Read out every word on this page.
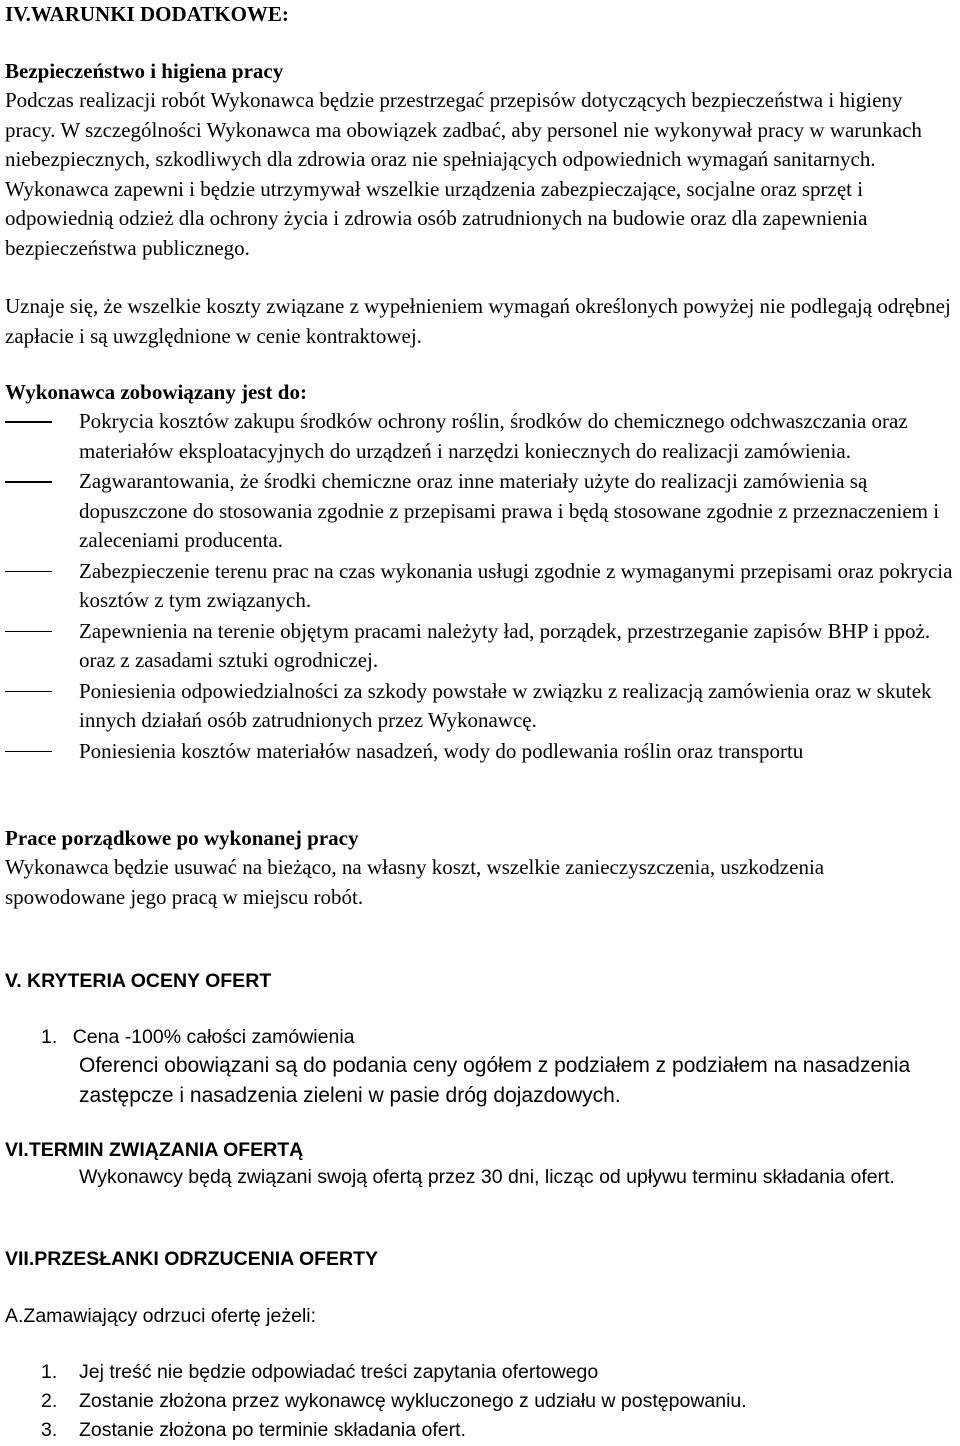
IV.WARUNKI DODATKOWE:
Bezpieczeństwo i higiena pracy

Podczas realizacji robót Wykonawca będzie przestrzegać przepisów dotyczących bezpieczeństwa i higieny pracy. W szczególności Wykonawca ma obowiązek zadbać, aby personel nie wykonywał pracy w warunkach niebezpiecznych, szkodliwych dla zdrowia oraz nie spełniających odpowiednich wymagań sanitarnych. Wykonawca zapewni i będzie utrzymywał wszelkie urządzenia zabezpieczające, socjalne oraz sprzęt i odpowiednią odzież dla ochrony życia i zdrowia osób zatrudnionych na budowie oraz dla zapewnienia bezpieczeństwa publicznego.

Uznaje się, że wszelkie koszty związane z wypełnieniem wymagań określonych powyżej nie podlegają odrębnej zapłacie i są uwzględnione w cenie kontraktowej.

Wykonawca zobowiązany jest do:
Pokrycia kosztów zakupu środków ochrony roślin, środków do chemicznego odchwaszczania oraz materiałów eksploatacyjnych do urządzeń i narzędzi koniecznych do realizacji zamówienia.
Zagwarantowania, że środki chemiczne oraz inne materiały użyte do realizacji zamówienia są dopuszczone do stosowania zgodnie z przepisami prawa i będą stosowane zgodnie z przeznaczeniem i zaleceniami producenta.
Zabezpieczenie terenu prac na czas wykonania usługi zgodnie z wymaganymi przepisami oraz pokrycia kosztów z tym związanych.
Zapewnienia na terenie objętym pracami należyty ład, porządek, przestrzeganie zapisów BHP i ppoż. oraz z zasadami sztuki ogrodniczej.
Poniesienia odpowiedzialności za szkody powstałe w związku z realizacją zamówienia oraz w skutek innych działań osób zatrudnionych przez Wykonawcę.
Poniesienia kosztów materiałów nasadzeń, wody do podlewania roślin oraz transportu
Prace porządkowe po wykonanej pracy

Wykonawca będzie usuwać na bieżąco, na własny koszt, wszelkie zanieczyszczenia, uszkodzenia spowodowane jego pracą w miejscu robót.

V. KRYTERIA OCENY OFERT
1. Cena -100% całości zamówienia

Oferenci obowiązani są do podania ceny ogółem z podziałem z podziałem na nasadzenia zastępcze i nasadzenia zieleni w pasie dróg dojazdowych.

VI.TERMIN ZWIĄZANIA OFERTĄ

Wykonawcy będą związani swoją ofertą przez 30 dni, licząc od upływu terminu składania ofert.

VII.PRZESŁANKI ODRZUCENIA OFERTY
A.Zamawiający odrzuci ofertę jeżeli:
1. Jej treść nie będzie odpowiadać treści zapytania ofertowego
2. Zostanie złożona przez wykonawcę wykluczonego z udziału w postępowaniu.
3. Zostanie złożona po terminie składania ofert.
